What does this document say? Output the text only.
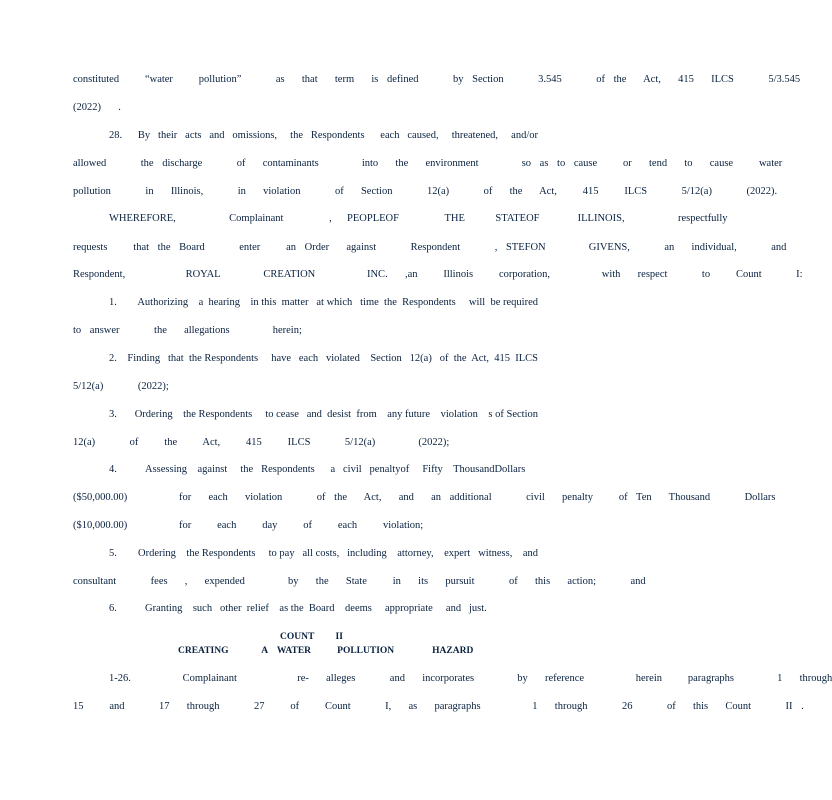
constituted   “water   pollution”    as  that  term  is defined    by Section    3.545    of the  Act,  415  ILCS    5/3.545
(2022)  .
28.	By   their   acts   and   omissions,     the   Respondents      each   caused,     threatened,     and/or
allowed    the discharge    of  contaminants     into  the  environment     so as to cause   or  tend  to  cause   water
pollution    in  Illinois,    in  violation    of  Section    12(a)    of  the  Act,   415   ILCS    5/12(a)    (2022).
WHEREFORE,       Complainant      ,  PEOPLEOF      THE    STATEOF     ILLINOIS,       respectfully
requests   that the Board    enter   an Order  against    Respondent    , STEFON     GIVENS,    an  individual,    and
Respondent,       ROYAL     CREATION      INC.  ,an   Illinois   corporation,      with  respect    to   Count    I:
1.	Authorizing    a  hearing    in this  matter   at which   time  the  Respondents     will  be required
to answer    the  allegations     herein;
2.	Finding   that  the Respondents     have   each   violated    Section   12(a)   of  the  Act,  415  ILCS
5/12(a)    (2022);
3.	Ordering    the Respondents     to cease   and  desist  from    any future    violation    s of Section
12(a)    of   the   Act,   415   ILCS    5/12(a)     (2022);
4.	Assessing    against     the   Respondents      a   civil   penaltyof     Fifty    ThousandDollars
($50,000.00)      for  each  violation    of the  Act,  and  an additional    civil  penalty   of Ten  Thousand    Dollars
($10,000.00)      for   each   day   of   each   violation;
5.	Ordering    the Respondents     to pay   all costs,   including    attorney,    expert   witness,    and
consultant    fees  ,  expended     by  the  State   in  its  pursuit    of  this  action;    and
6.	Granting    such   other  relief    as the  Board    deems     appropriate     and   just.
COUNT         II
CREATING              A    WATER           POLLUTION                HAZARD
1-26.      Complainant       re-  alleges    and  incorporates     by  reference      herein   paragraphs     1  through
15   and    17  through    27   of   Count    I,  as  paragraphs      1  through    26    of  this  Count    II .
